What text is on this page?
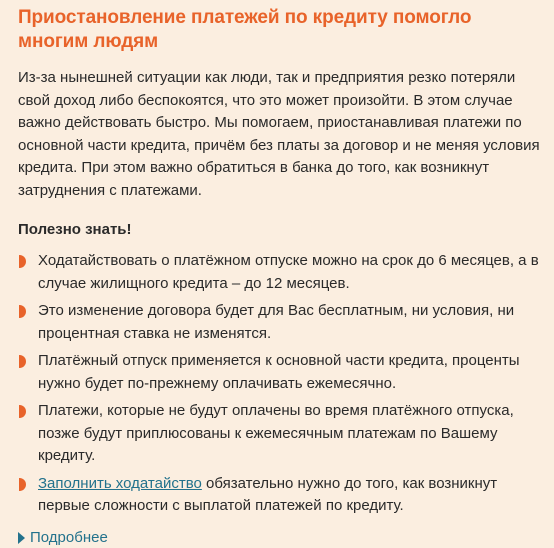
Приостановление платежей по кредиту помогло многим людям

Из-за нынешней ситуации как люди, так и предприятия резко потеряли свой доход либо беспокоятся, что это может произойти. В этом случае важно действовать быстро. Мы помогаем, приостанавливая платежи по основной части кредита, причём без платы за договор и не меняя условия кредита. При этом важно обратиться в банка до того, как возникнут затруднения с платежами.

Полезно знать!

Ходатайствовать о платёжном отпуске можно на срок до 6 месяцев, а в случае жилищного кредита – до 12 месяцев.
Это изменение договора будет для Вас бесплатным, ни условия, ни процентная ставка не изменятся.
Платёжный отпуск применяется к основной части кредита, проценты нужно будет по-прежнему оплачивать ежемесячно.
Платежи, которые не будут оплачены во время платёжного отпуска, позже будут приплюсованы к ежемесячным платежам по Вашему кредиту.
Заполнить ходатайство обязательно нужно до того, как возникнут первые сложности с выплатой платежей по кредиту.
Подробнее
